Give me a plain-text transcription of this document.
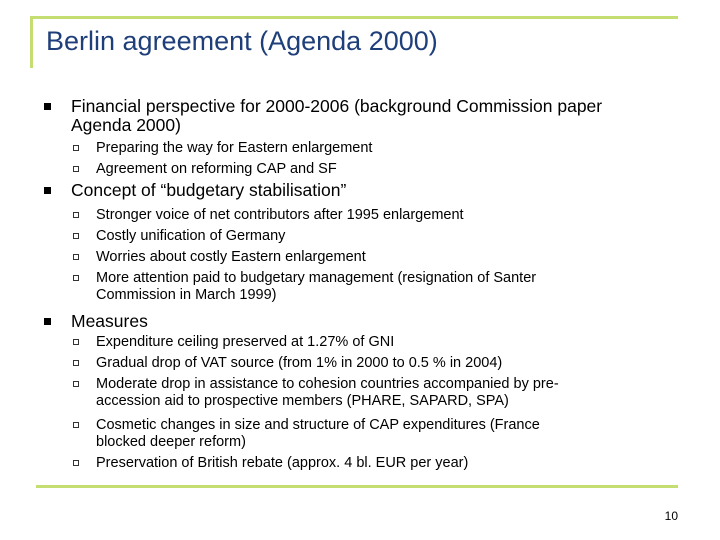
Berlin agreement (Agenda 2000)
Financial perspective for 2000-2006 (background Commission paper
Agenda 2000)
Preparing the way for Eastern enlargement
Agreement on reforming CAP and SF
Concept of “budgetary stabilisation”
Stronger voice of net contributors after 1995 enlargement
Costly unification of Germany
Worries about costly Eastern enlargement
More attention paid to budgetary management (resignation of Santer
Commission in March 1999)
Measures
Expenditure ceiling preserved at 1.27% of GNI
Gradual drop of VAT source (from 1% in 2000 to 0.5 % in 2004)
Moderate drop in assistance to cohesion countries accompanied by pre-
accession aid to prospective members (PHARE, SAPARD, SPA)
Cosmetic changes in size and structure of CAP expenditures (France
blocked deeper reform)
Preservation of British rebate (approx. 4 bl. EUR per year)
10
